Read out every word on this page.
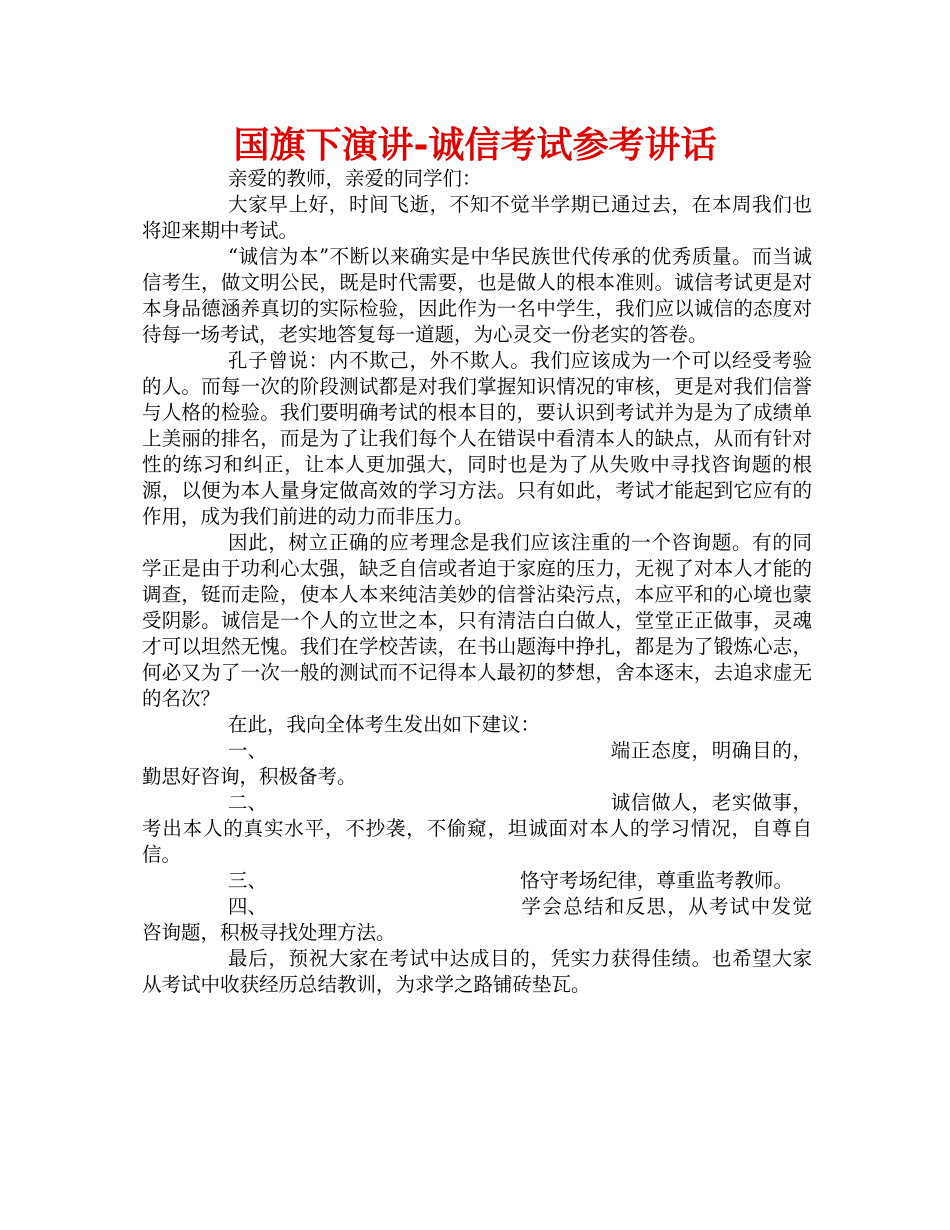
国旗下演讲-诚信考试参考讲话

亲爱的教师，亲爱的同学们：

大家早上好，时间飞逝，不知不觉半学期已通过去，在本周我们也将迎来期中考试。

“诚信为本”不断以来确实是中华民族世代传承的优秀质量。而当诚信考生，做文明公民，既是时代需要，也是做人的根本准则。诚信考试更是对本身品德涵养真切的实际检验，因此作为一名中学生，我们应以诚信的态度对待每一场考试，老实地答复每一道题，为心灵交一份老实的答卷。

孔子曾说：内不欺己，外不欺人。我们应该成为一个可以经受考验的人。而每一次的阶段测试都是对我们掌握知识情况的审核，更是对我们信誉与人格的检验。我们要明确考试的根本目的，要认识到考试并为是为了成绩单上美丽的排名，而是为了让我们每个人在错误中看清本人的缺点，从而有针对性的练习和纠正，让本人更加强大，同时也是为了从失败中寻找咨询题的根源，以便为本人量身定做高效的学习方法。只有如此，考试才能起到它应有的作用，成为我们前进的动力而非压力。

因此，树立正确的应考理念是我们应该注重的一个咨询题。有的同学正是由于功利心太强，缺乏自信或者迫于家庭的压力，无视了对本人才能的调查，铤而走险，使本人本来纯洁美妙的信誉沾染污点，本应平和的心境也蒙受阴影。诚信是一个人的立世之本，只有清洁白白做人，堂堂正正做事，灵魂才可以坦然无愧。我们在学校苦读，在书山题海中挣扎，都是为了锻炼心志，何必又为了一次一般的测试而不记得本人最初的梦想，舍本逐末，去追求虚无的名次？

在此，我向全体考生发出如下建议：

一、	端正态度，明确目的，勤思好咨询，积极备考。

二、	诚信做人，老实做事，考出本人的真实水平，不抄袭，不偷窥，坦诚面对本人的学习情况，自尊自信。

三、	恪守考场纪律，尊重监考教师。

四、	学会总结和反思，从考试中发觉咨询题，积极寻找处理方法。

最后，预祝大家在考试中达成目的，凭实力获得佳绩。也希望大家从考试中收获经历总结教训，为求学之路铺砖垫瓦。
